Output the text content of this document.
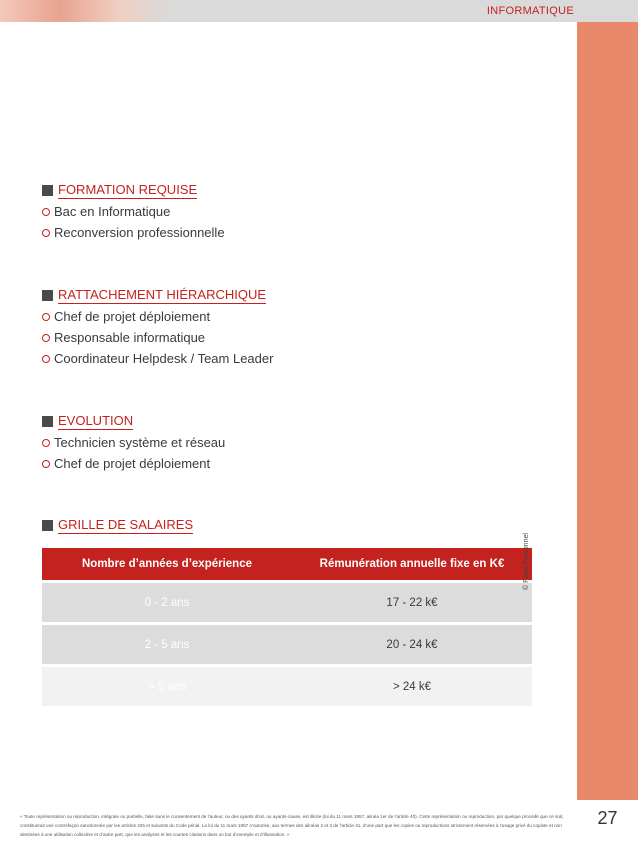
INFORMATIQUE
27
FORMATION REQUISE
Bac en Informatique
Reconversion professionnelle
RATTACHEMENT HIÉRARCHIQUE
Chef de projet déploiement
Responsable informatique
Coordinateur Helpdesk / Team Leader
EVOLUTION
Technicien système et réseau
Chef de projet déploiement
GRILLE DE SALAIRES
Nombre d’années d’expérience	Rémunération annuelle fixe en K€
0 - 2 ans	17 - 22 k€
2 - 5 ans	20 - 24 k€
> 5 ans	> 24 k€
© Page Personnel
« Toute représentation ou reproduction, intégrale ou partielle, faite sans le consentement de l’auteur, ou des ayants droit, ou ayants-cause, est illicite (loi du 11 mars 1957, alinéa 1er de l’article 40). Cette représentation ou reproduction, par quelque procédé que ce soit, constituerait une contrefaçon sanctionnée par les articles 425 et suivants du Code pénal. La loi du 11 mars 1957 n’autorise, aux termes des alinéas 2 et 3 de l’article 41, d’une part que les copies ou reproductions strictement réservées à l’usage privé du copiste et non destinées à une utilisation collective et d’autre part, que les analyses et les courtes citations dans un but d’exemple et d’illustration. »
